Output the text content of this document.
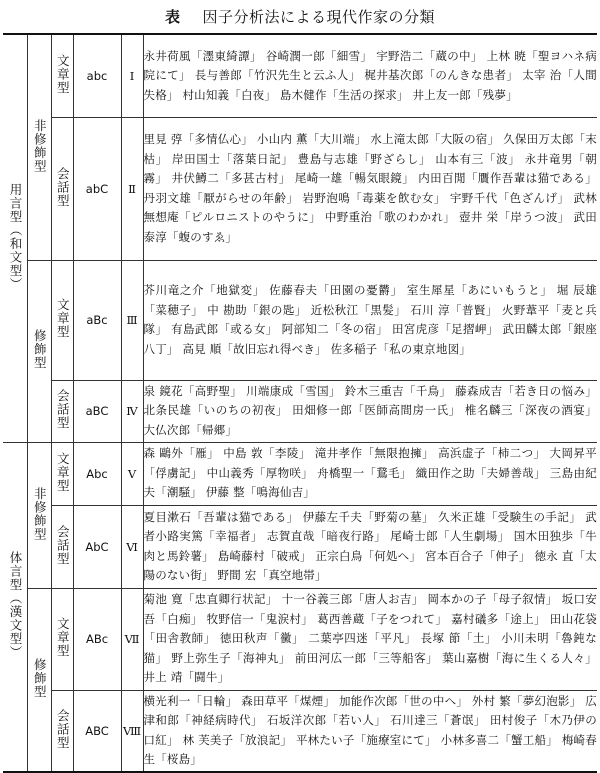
表 因子分析法による現代作家の分類
用言型（和文型）	非修飾型	文章型	abc	Ⅰ	永井荷風「濹東綺譚」 谷崎潤一郎「細雪」 宇野浩二「蔵の中」 上林 暁「聖ヨハネ病院にて」 長与善郎「竹沢先生と云ふ人」 梶井基次郎「のんきな患者」 太宰 治「人間失格」 村山知義「白夜」 島木健作「生活の探求」 井上友一郎「残夢」
		会話型	abC	Ⅱ	里見 弴「多情仏心」 小山内 薫「大川端」 水上滝太郎「大阪の宿」 久保田万太郎「末枯」 岸田国士「落葉日記」 豊島与志雄「野ざらし」 山本有三「波」 永井竜男「朝霧」 井伏鱒二「多甚古村」 尾崎一雄「暢気眼鏡」 内田百閒「贋作吾輩は猫である」 丹羽文雄「厭がらせの年齢」 岩野泡鳴「毒薬を飲む女」 宇野千代「色ざんげ」 武林無想庵「ピルロニストのやうに」 中野重治「歌のわかれ」 壺井 栄「岸うつ波」 武田泰淳「蝮のすゑ」
	修飾型	文章型	aBc	Ⅲ	芥川竜之介「地獄変」 佐藤春夫「田園の憂欝」 室生犀星「あにいもうと」 堀 辰雄「菜穂子」 中 勘助「銀の匙」 近松秋江「黒髪」 石川 淳「普賢」 火野葦平「麦と兵隊」 有島武郎「或る女」 阿部知二「冬の宿」 田宮虎彦「足摺岬」 武田麟太郎「銀座八丁」 高見 順「故旧忘れ得べき」 佐多稲子「私の東京地図」
		会話型	aBC	Ⅳ	泉 鏡花「高野聖」 川端康成「雪国」 鈴木三重吉「千鳥」 藤森成吉「若き日の悩み」 北条民雄「いのちの初夜」 田畑修一郎「医師高間房一氏」 椎名麟三「深夜の酒宴」 大仏次郎「帰郷」
体言型（漢文型）	非修飾型	文章型	Abc	Ⅴ	森 鷗外「雁」 中島 敦「李陵」 滝井孝作「無限抱擁」 高浜虚子「柿二つ」 大岡昇平「俘虜記」 中山義秀「厚物咲」 舟橋聖一「鵞毛」 織田作之助「夫婦善哉」 三島由紀夫「潮騒」 伊藤 整「鳴海仙吉」
		会話型	AbC	Ⅵ	夏目漱石「吾輩は猫である」 伊藤左千夫「野菊の墓」 久米正雄「受験生の手記」 武者小路実篤「幸福者」 志賀直哉「暗夜行路」 尾崎士郎「人生劇場」 国木田独歩「牛肉と馬鈴薯」 島崎藤村「破戒」 正宗白鳥「何処へ」 宮本百合子「伸子」 徳永 直「太陽のない街」 野間 宏「真空地帯」
	修飾型	文章型	ABc	Ⅶ	菊池 寛「忠直卿行状記」 十一谷義三郎「唐人お吉」 岡本かの子「母子叙情」 坂口安吾「白痴」 牧野信一「鬼涙村」 葛西善蔵「子をつれて」 嘉村礒多「途上」 田山花袋「田舎教師」 徳田秋声「黴」 二葉亭四迷「平凡」 長塚 節「土」 小川未明「魯鈍な猫」 野上弥生子「海神丸」 前田河広一郎「三等船客」 葉山嘉樹「海に生くる人々」 井上 靖「闘牛」
		会話型	ABC	Ⅷ	横光利一「日輪」 森田草平「煤煙」 加能作次郎「世の中へ」 外村 繁「夢幻泡影」 広津和郎「神経病時代」 石坂洋次郎「若い人」 石川達三「蒼氓」 田村俊子「木乃伊の口紅」 林 芙美子「放浪記」 平林たい子「施療室にて」 小林多喜二「蟹工船」 梅崎春生「桜島」
